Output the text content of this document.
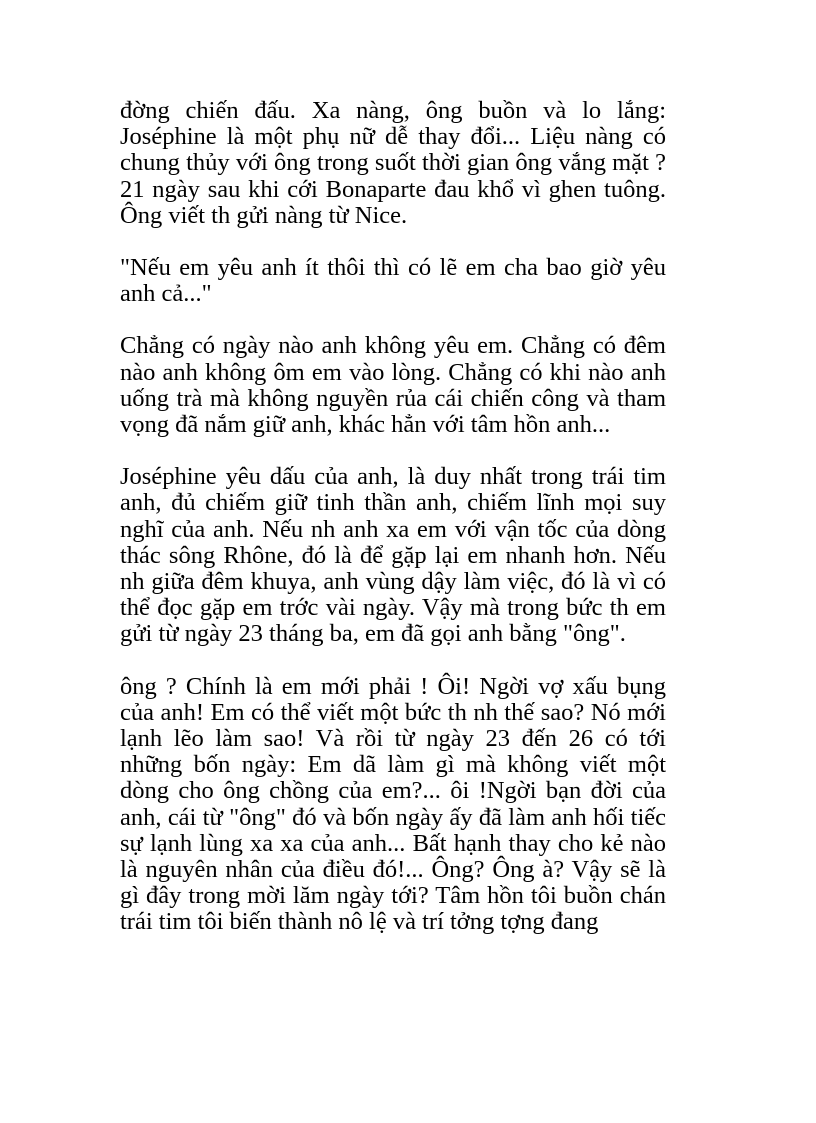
đờng chiến đấu. Xa nàng, ông buồn và lo lắng: Joséphine là một phụ nữ dễ thay đổi... Liệu nàng có chung thủy với ông trong suốt thời gian ông vắng mặt ? 21 ngày sau khi cới Bonaparte đau khổ vì ghen tuông. Ông viết th gửi nàng từ Nice.

"Nếu em yêu anh ít thôi thì có lẽ em cha bao giờ yêu anh cả..."

Chẳng có ngày nào anh không yêu em. Chẳng có đêm nào anh không ôm em vào lòng. Chẳng có khi nào anh uống trà mà không nguyền rủa cái chiến công và tham vọng đã nắm giữ anh, khác hẳn với tâm hồn anh...

Joséphine yêu dấu của anh, là duy nhất trong trái tim anh, đủ chiếm giữ tinh thần anh, chiếm lĩnh mọi suy nghĩ của anh. Nếu nh anh xa em với vận tốc của dòng thác sông Rhône, đó là để gặp lại em nhanh hơn. Nếu nh giữa đêm khuya, anh vùng dậy làm việc, đó là vì có thể đọc gặp em trớc vài ngày. Vậy mà trong bức th em gửi từ ngày 23 tháng ba, em đã gọi anh bằng "ông".

ông ? Chính là em mới phải ! Ôi! Ngời vợ xấu bụng của anh! Em có thể viết một bức th nh thế sao? Nó mới lạnh lẽo làm sao! Và rồi từ ngày 23 đến 26 có tới những bốn ngày: Em dã làm gì mà không viết một dòng cho ông chồng của em?... ôi !Ngời bạn đời của anh, cái từ "ông" đó và bốn ngày ấy đã làm anh hối tiếc sự lạnh lùng xa xa của anh... Bất hạnh thay cho kẻ nào là nguyên nhân của điều đó!... Ông? Ông à? Vậy sẽ là gì đây trong mời lăm ngày tới? Tâm hồn tôi buồn chán trái tim tôi biến thành nô lệ và trí tởng tợng đang
